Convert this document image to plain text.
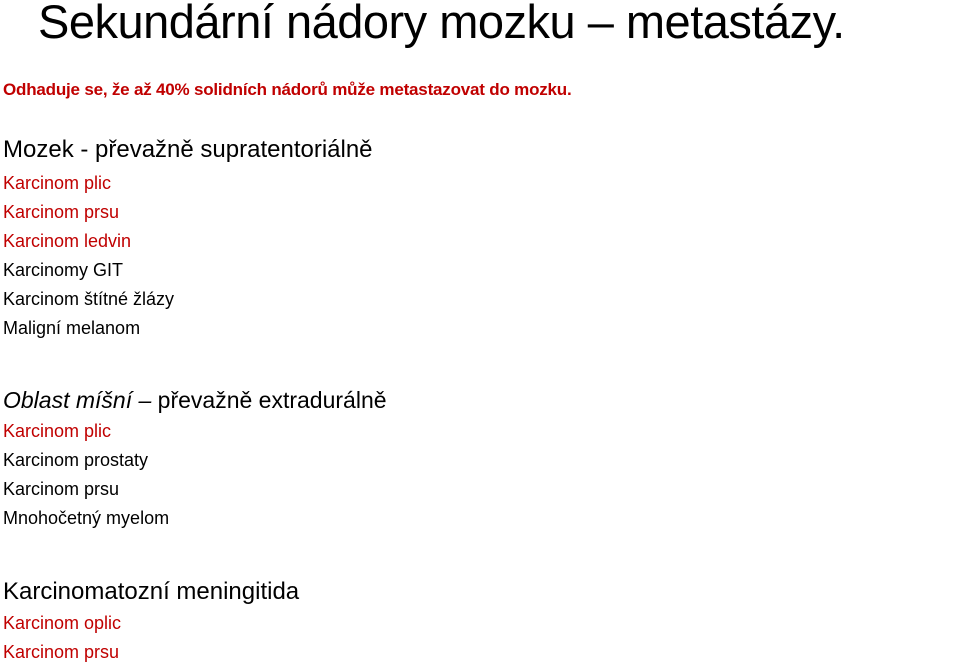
Sekundární nádory mozku – metastázy.
Odhaduje se, že až 40% solidních nádorů může metastazovat do mozku.

Mozek - převažně supratentoriálně

Karcinom plic

Karcinom prsu

Karcinom ledvin

Karcinomy GIT

Karcinom štítné žlázy

Maligní melanom

Oblast míšní – převažně extradurálně

Karcinom plic

Karcinom prostaty

Karcinom prsu

Mnohočetný myelom

Karcinomatozní meningitida

Karcinom oplic

Karcinom prsu
